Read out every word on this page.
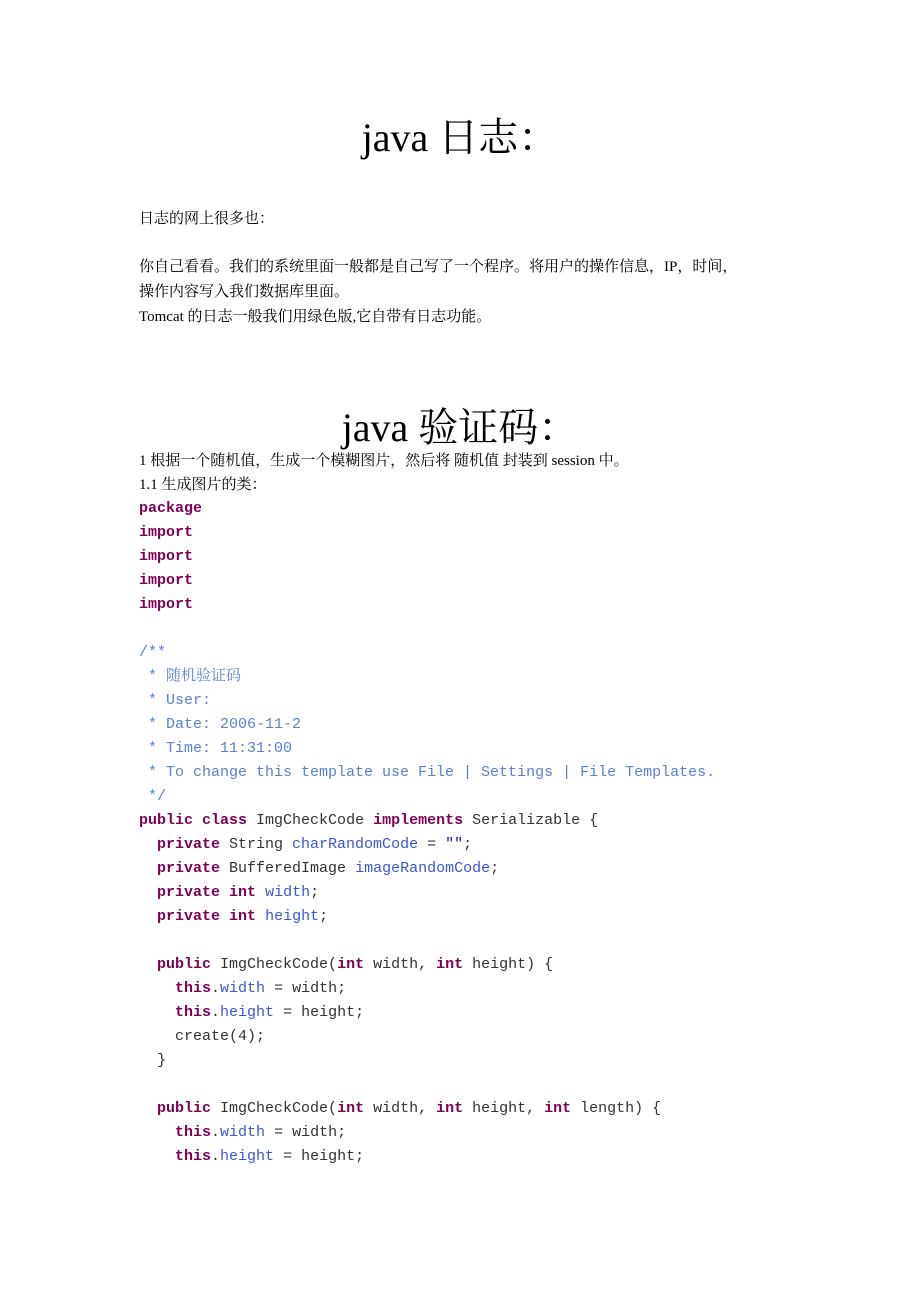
java 日志：
日志的网上很多也：
你自己看看。我们的系统里面一般都是自己写了一个程序。将用户的操作信息，IP，时间，
操作内容写入我们数据库里面。
Tomcat 的日志一般我们用绿色版,它自带有日志功能。
java 验证码：
1 根据一个随机值，生成一个模糊图片，然后将 随机值 封装到 session 中。
1.1 生成图片的类：
package
import
import
import
import
/**
* 随机验证码
* User:
* Date: 2006-11-2
* Time: 11:31:00
* To change this template use File | Settings | File Templates.
*/
public class ImgCheckCode implements Serializable {
private String charRandomCode = "";
private BufferedImage imageRandomCode;
private int width;
private int height;
public ImgCheckCode(int width, int height) {
this.width = width;
this.height = height;
create(4);
}
public ImgCheckCode(int width, int height, int length) {
this.width = width;
this.height = height;
